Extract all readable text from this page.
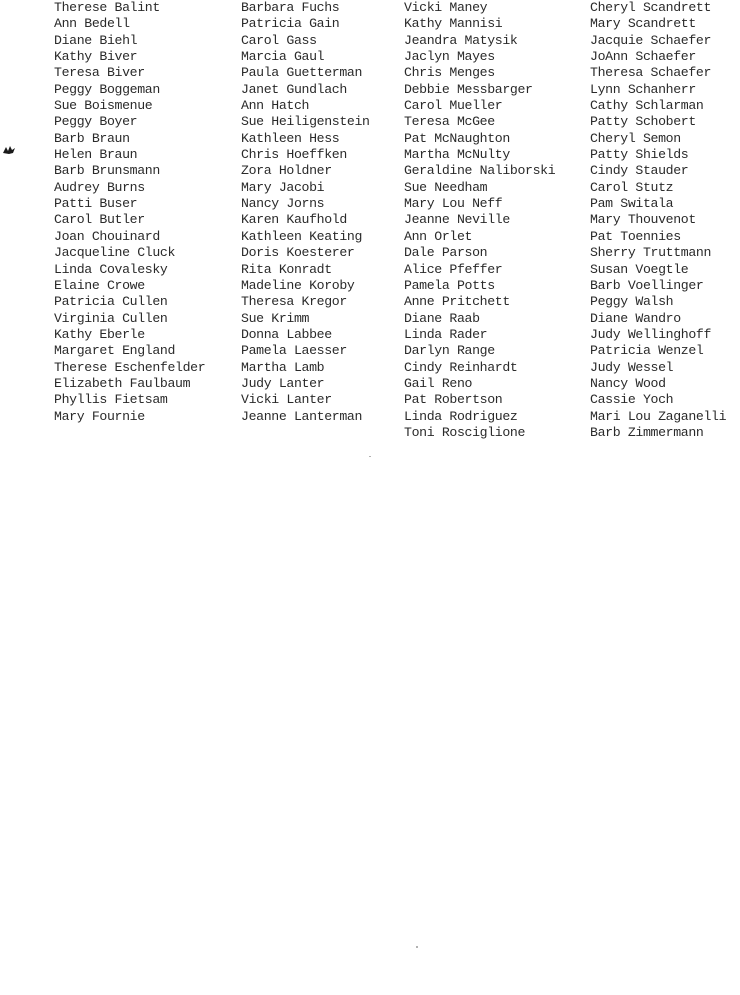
Therese Balint
Ann Bedell
Diane Biehl
Kathy Biver
Teresa Biver
Peggy Boggeman
Sue Boismenue
Peggy Boyer
Barb Braun
Helen Braun
Barb Brunsmann
Audrey Burns
Patti Buser
Carol Butler
Joan Chouinard
Jacqueline Cluck
Linda Covalesky
Elaine Crowe
Patricia Cullen
Virginia Cullen
Kathy Eberle
Margaret England
Therese Eschenfelder
Elizabeth Faulbaum
Phyllis Fietsam
Mary Fournie
Barbara Fuchs
Patricia Gain
Carol Gass
Marcia Gaul
Paula Guetterman
Janet Gundlach
Ann Hatch
Sue Heiligenstein
Kathleen Hess
Chris Hoeffken
Zora Holdner
Mary Jacobi
Nancy Jorns
Karen Kaufhold
Kathleen Keating
Doris Koesterer
Rita Konradt
Madeline Koroby
Theresa Kregor
Sue Krimm
Donna Labbee
Pamela Laesser
Martha Lamb
Judy Lanter
Vicki Lanter
Jeanne Lanterman
Vicki Maney
Kathy Mannisi
Jeandra Matysik
Jaclyn Mayes
Chris Menges
Debbie Messbarger
Carol Mueller
Teresa McGee
Pat McNaughton
Martha McNulty
Geraldine Naliborski
Sue Needham
Mary Lou Neff
Jeanne Neville
Ann Orlet
Dale Parson
Alice Pfeffer
Pamela Potts
Anne Pritchett
Diane Raab
Linda Rader
Darlyn Range
Cindy Reinhardt
Gail Reno
Pat Robertson
Linda Rodriguez
Toni Rosciglione
Cheryl Scandrett
Mary Scandrett
Jacquie Schaefer
JoAnn Schaefer
Theresa Schaefer
Lynn Schanherr
Cathy Schlarman
Patty Schobert
Cheryl Semon
Patty Shields
Cindy Stauder
Carol Stutz
Pam Switala
Mary Thouvenot
Pat Toennies
Sherry Truttmann
Susan Voegtle
Barb Voellinger
Peggy Walsh
Diane Wandro
Judy Wellinghoff
Patricia Wenzel
Judy Wessel
Nancy Wood
Cassie Yoch
Mari Lou Zaganelli
Barb Zimmermann
